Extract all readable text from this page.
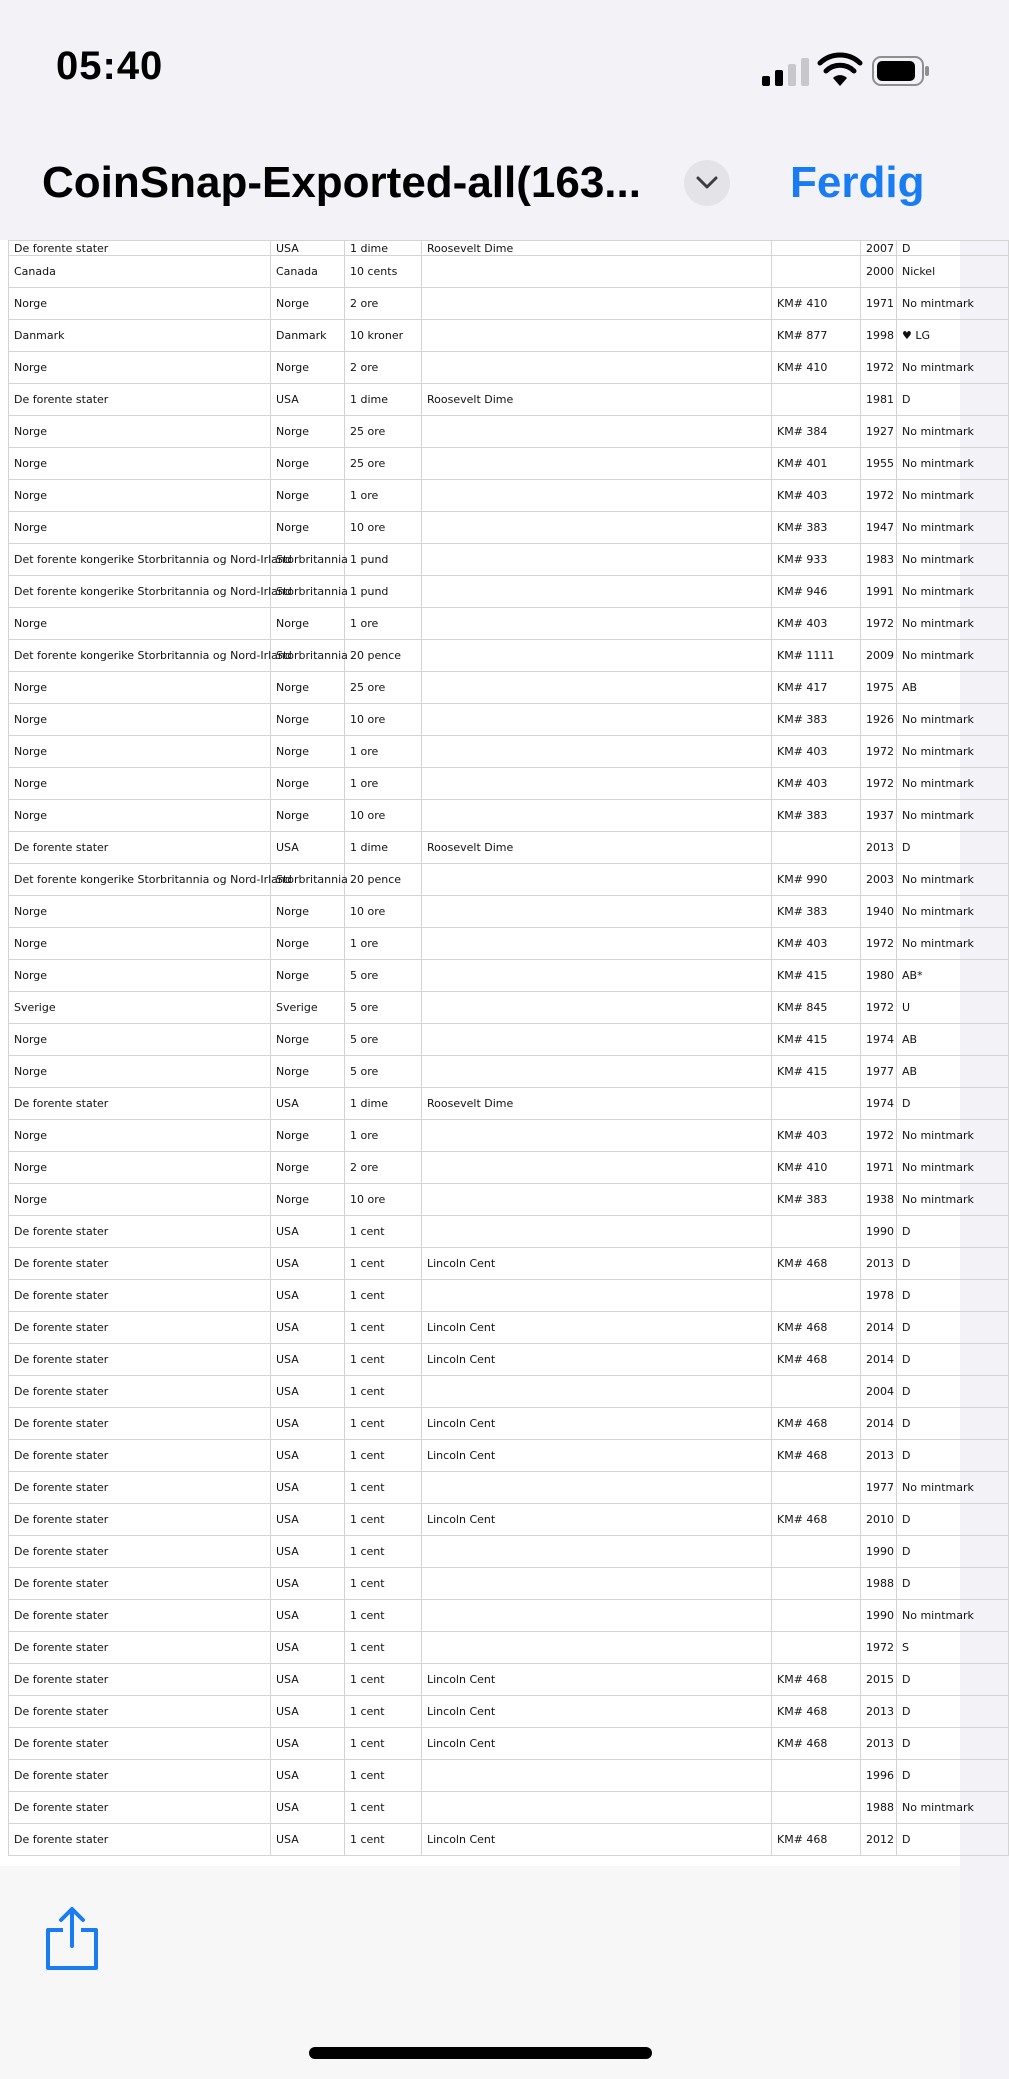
05:40
CoinSnap-Exported-all(163...	Ferdig
De forente stater	USA	1 dime	Roosevelt Dime		2007	D
Canada	Canada	10 cents			2000	Nickel
Norge	Norge	2 ore		KM# 410	1971	No mintmark
Danmark	Danmark	10 kroner		KM# 877	1998	♥ LG
Norge	Norge	2 ore		KM# 410	1972	No mintmark
De forente stater	USA	1 dime	Roosevelt Dime		1981	D
Norge	Norge	25 ore		KM# 384	1927	No mintmark
Norge	Norge	25 ore		KM# 401	1955	No mintmark
Norge	Norge	1 ore		KM# 403	1972	No mintmark
Norge	Norge	10 ore		KM# 383	1947	No mintmark
Det forente kongerike Storbritannia og Nord-Irland	Storbritannia	1 pund		KM# 933	1983	No mintmark
Det forente kongerike Storbritannia og Nord-Irland	Storbritannia	1 pund		KM# 946	1991	No mintmark
Norge	Norge	1 ore		KM# 403	1972	No mintmark
Det forente kongerike Storbritannia og Nord-Irland	Storbritannia	20 pence		KM# 1111	2009	No mintmark
Norge	Norge	25 ore		KM# 417	1975	AB
Norge	Norge	10 ore		KM# 383	1926	No mintmark
Norge	Norge	1 ore		KM# 403	1972	No mintmark
Norge	Norge	1 ore		KM# 403	1972	No mintmark
Norge	Norge	10 ore		KM# 383	1937	No mintmark
De forente stater	USA	1 dime	Roosevelt Dime		2013	D
Det forente kongerike Storbritannia og Nord-Irland	Storbritannia	20 pence		KM# 990	2003	No mintmark
Norge	Norge	10 ore		KM# 383	1940	No mintmark
Norge	Norge	1 ore		KM# 403	1972	No mintmark
Norge	Norge	5 ore		KM# 415	1980	AB*
Sverige	Sverige	5 ore		KM# 845	1972	U
Norge	Norge	5 ore		KM# 415	1974	AB
Norge	Norge	5 ore		KM# 415	1977	AB
De forente stater	USA	1 dime	Roosevelt Dime		1974	D
Norge	Norge	1 ore		KM# 403	1972	No mintmark
Norge	Norge	2 ore		KM# 410	1971	No mintmark
Norge	Norge	10 ore		KM# 383	1938	No mintmark
De forente stater	USA	1 cent			1990	D
De forente stater	USA	1 cent	Lincoln Cent	KM# 468	2013	D
De forente stater	USA	1 cent			1978	D
De forente stater	USA	1 cent	Lincoln Cent	KM# 468	2014	D
De forente stater	USA	1 cent	Lincoln Cent	KM# 468	2014	D
De forente stater	USA	1 cent			2004	D
De forente stater	USA	1 cent	Lincoln Cent	KM# 468	2014	D
De forente stater	USA	1 cent	Lincoln Cent	KM# 468	2013	D
De forente stater	USA	1 cent			1977	No mintmark
De forente stater	USA	1 cent	Lincoln Cent	KM# 468	2010	D
De forente stater	USA	1 cent			1990	D
De forente stater	USA	1 cent			1988	D
De forente stater	USA	1 cent			1990	No mintmark
De forente stater	USA	1 cent			1972	S
De forente stater	USA	1 cent	Lincoln Cent	KM# 468	2015	D
De forente stater	USA	1 cent	Lincoln Cent	KM# 468	2013	D
De forente stater	USA	1 cent	Lincoln Cent	KM# 468	2013	D
De forente stater	USA	1 cent			1996	D
De forente stater	USA	1 cent			1988	No mintmark
De forente stater	USA	1 cent	Lincoln Cent	KM# 468	2012	D
